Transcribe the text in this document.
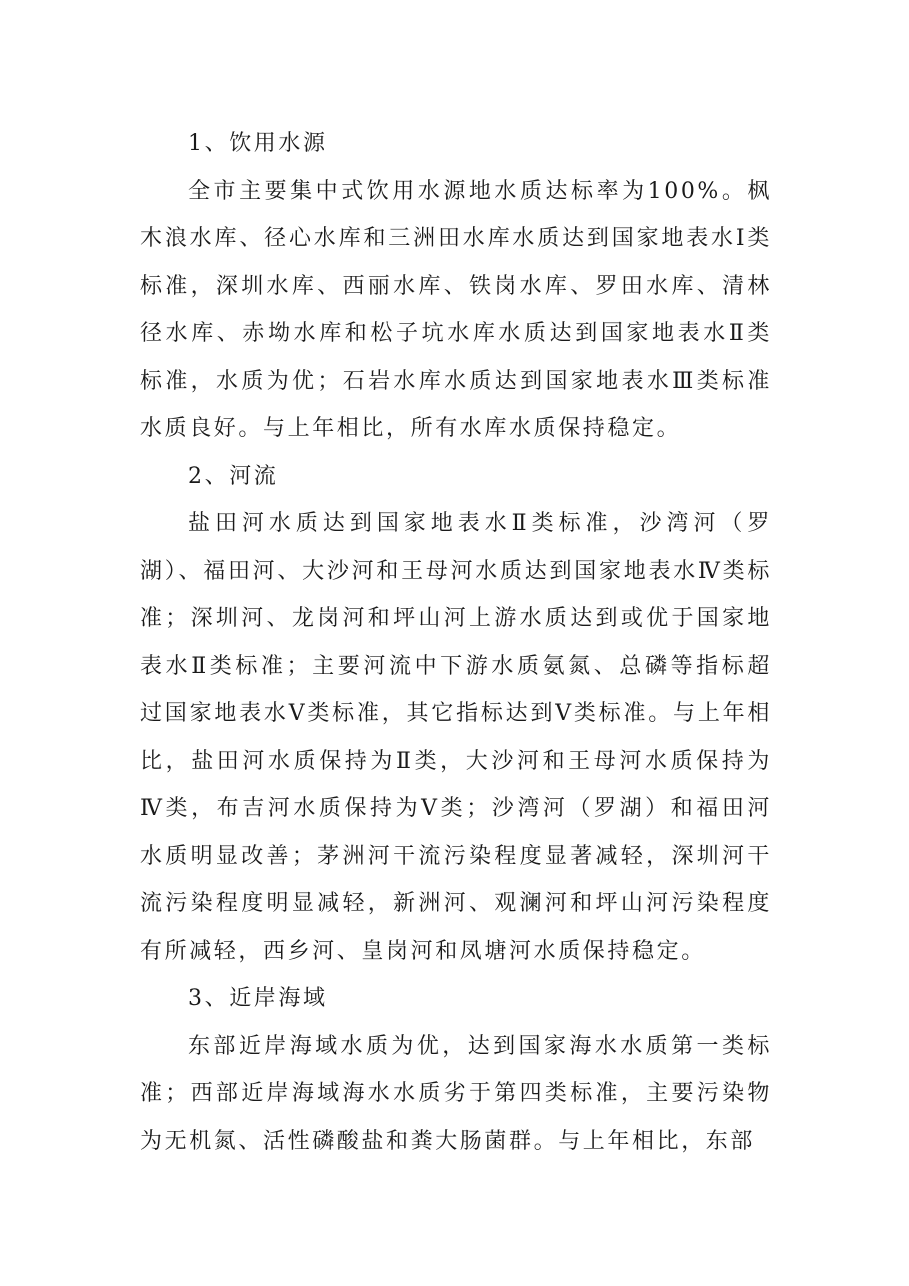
1、饮用水源
全市主要集中式饮用水源地水质达标率为100%。枫木浪水库、径心水库和三洲田水库水质达到国家地表水Ⅰ类标准，深圳水库、西丽水库、铁岗水库、罗田水库、清林径水库、赤坳水库和松子坑水库水质达到国家地表水Ⅱ类标准，水质为优；石岩水库水质达到国家地表水Ⅲ类标准水质良好。与上年相比，所有水库水质保持稳定。
2、河流
盐田河水质达到国家地表水Ⅱ类标准，沙湾河（罗湖）、福田河、大沙河和王母河水质达到国家地表水Ⅳ类标准；深圳河、龙岗河和坪山河上游水质达到或优于国家地表水Ⅱ类标准；主要河流中下游水质氨氮、总磷等指标超过国家地表水Ⅴ类标准，其它指标达到Ⅴ类标准。与上年相比，盐田河水质保持为Ⅱ类，大沙河和王母河水质保持为Ⅳ类，布吉河水质保持为Ⅴ类；沙湾河（罗湖）和福田河水质明显改善；茅洲河干流污染程度显著减轻，深圳河干流污染程度明显减轻，新洲河、观澜河和坪山河污染程度有所减轻，西乡河、皇岗河和凤塘河水质保持稳定。
3、近岸海域
东部近岸海域水质为优，达到国家海水水质第一类标准；西部近岸海域海水水质劣于第四类标准，主要污染物为无机氮、活性磷酸盐和粪大肠菌群。与上年相比，东部
